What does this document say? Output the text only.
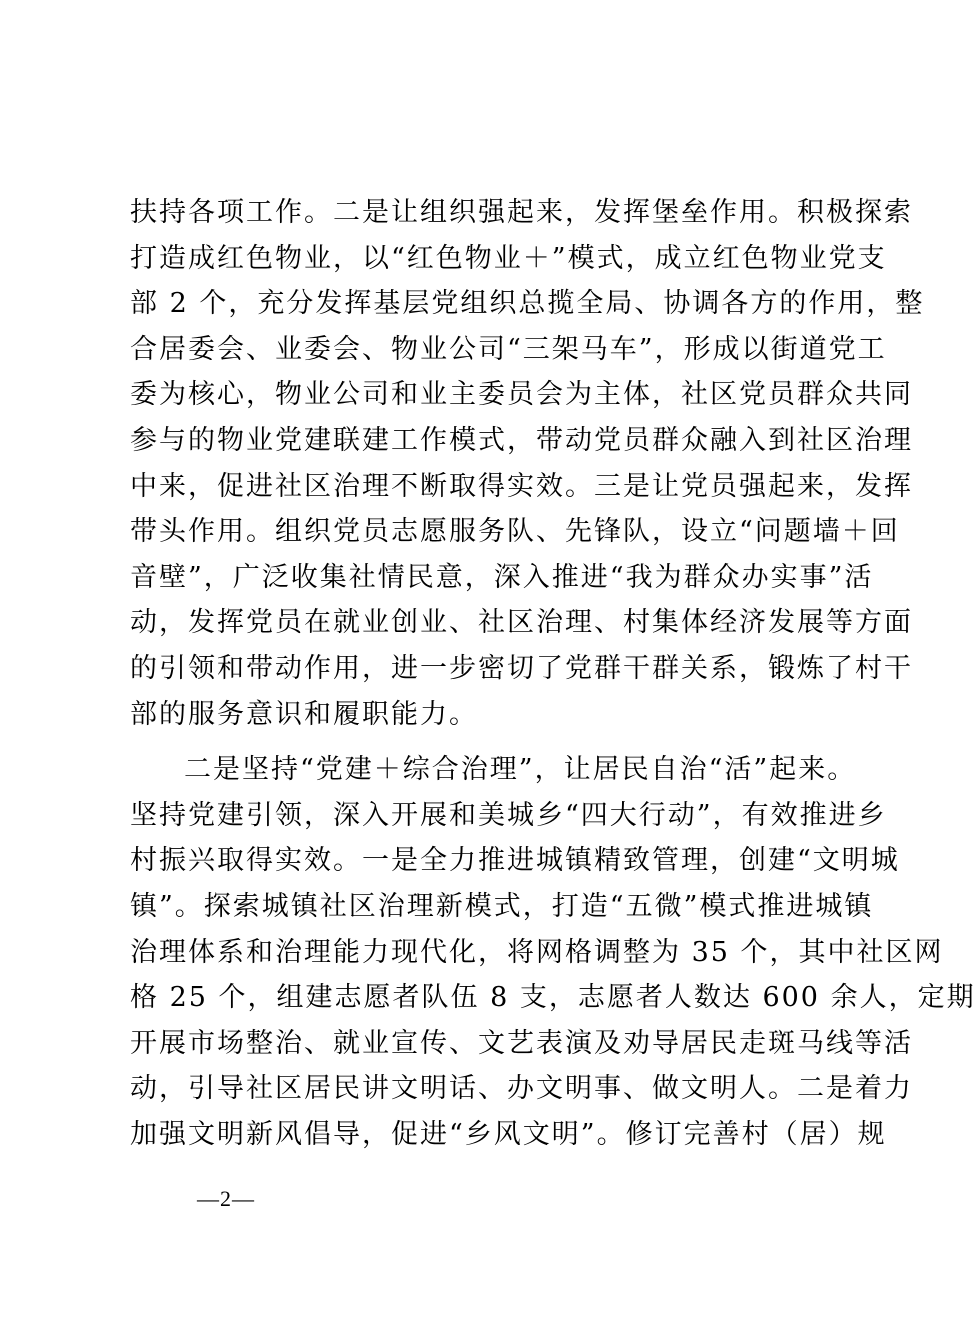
扶持各项工作。二是让组织强起来，发挥堡垒作用。积极探索
打造成红色物业，以“红色物业＋”模式，成立红色物业党支
部 2 个，充分发挥基层党组织总揽全局、协调各方的作用，整
合居委会、业委会、物业公司“三架马车”，形成以街道党工
委为核心，物业公司和业主委员会为主体，社区党员群众共同
参与的物业党建联建工作模式，带动党员群众融入到社区治理
中来，促进社区治理不断取得实效。三是让党员强起来，发挥
带头作用。组织党员志愿服务队、先锋队，设立“问题墙＋回
音壁”，广泛收集社情民意，深入推进“我为群众办实事”活
动，发挥党员在就业创业、社区治理、村集体经济发展等方面
的引领和带动作用，进一步密切了党群干群关系，锻炼了村干
部的服务意识和履职能力。
二是坚持“党建＋综合治理”，让居民自治“活”起来。
坚持党建引领，深入开展和美城乡“四大行动”，有效推进乡
村振兴取得实效。一是全力推进城镇精致管理，创建“文明城
镇”。探索城镇社区治理新模式，打造“五微”模式推进城镇
治理体系和治理能力现代化，将网格调整为 35 个，其中社区网
格 25 个，组建志愿者队伍 8 支，志愿者人数达 600 余人，定期
开展市场整治、就业宣传、文艺表演及劝导居民走斑马线等活
动，引导社区居民讲文明话、办文明事、做文明人。二是着力
加强文明新风倡导，促进“乡风文明”。修订完善村（居）规
—2—
